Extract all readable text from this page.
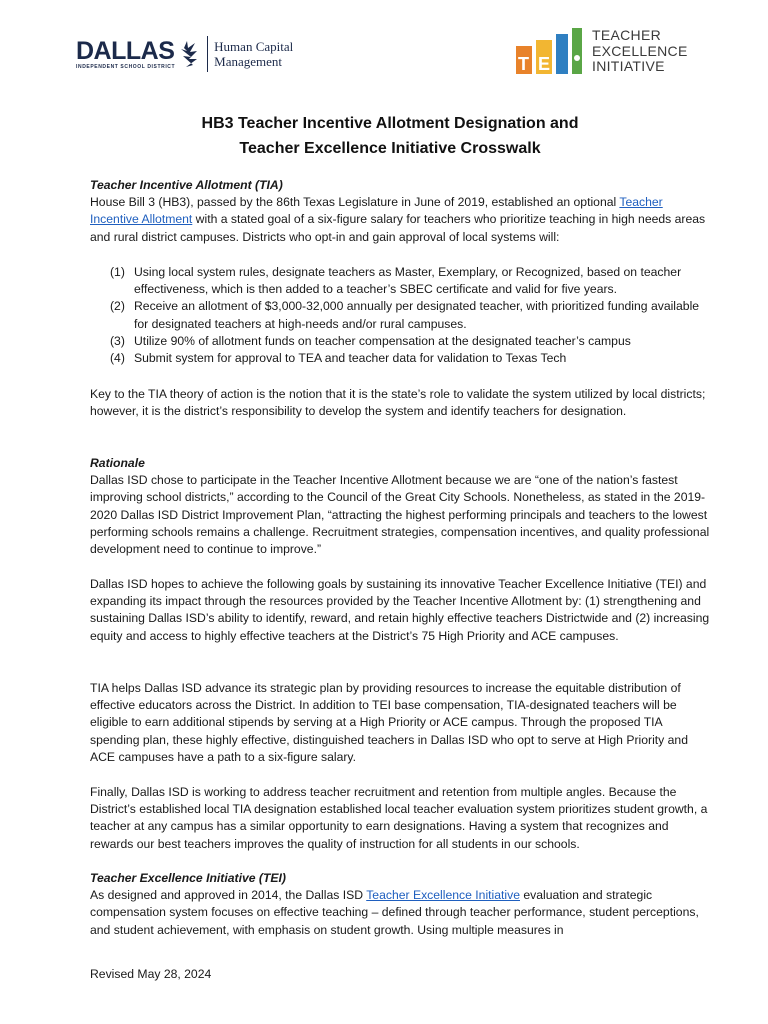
DALLAS
INDEPENDENT SCHOOL DISTRICT
Human Capital
Management	T E
TEACHER
EXCELLENCE
INITIATIVE
HB3 Teacher Incentive Allotment Designation and
Teacher Excellence Initiative Crosswalk

Teacher Incentive Allotment (TIA)

House Bill 3 (HB3), passed by the 86th Texas Legislature in June of 2019, established an optional Teacher Incentive Allotment with a stated goal of a six-figure salary for teachers who prioritize teaching in high needs areas and rural district campuses. Districts who opt-in and gain approval of local systems will:

(1) Using local system rules, designate teachers as Master, Exemplary, or Recognized, based on teacher effectiveness, which is then added to a teacher’s SBEC certificate and valid for five years.
(2) Receive an allotment of $3,000-32,000 annually per designated teacher, with prioritized funding available for designated teachers at high-needs and/or rural campuses.
(3) Utilize 90% of allotment funds on teacher compensation at the designated teacher’s campus
(4) Submit system for approval to TEA and teacher data for validation to Texas Tech

Key to the TIA theory of action is the notion that it is the state’s role to validate the system utilized by local districts; however, it is the district’s responsibility to develop the system and identify teachers for designation.

Rationale

Dallas ISD chose to participate in the Teacher Incentive Allotment because we are “one of the nation’s fastest improving school districts,” according to the Council of the Great City Schools. Nonetheless, as stated in the 2019-2020 Dallas ISD District Improvement Plan, “attracting the highest performing principals and teachers to the lowest performing schools remains a challenge. Recruitment strategies, compensation incentives, and quality professional development need to continue to improve.”

Dallas ISD hopes to achieve the following goals by sustaining its innovative Teacher Excellence Initiative (TEI) and expanding its impact through the resources provided by the Teacher Incentive Allotment by: (1) strengthening and sustaining Dallas ISD’s ability to identify, reward, and retain highly effective teachers Districtwide and (2) increasing equity and access to highly effective teachers at the District’s 75 High Priority and ACE campuses.

TIA helps Dallas ISD advance its strategic plan by providing resources to increase the equitable distribution of effective educators across the District. In addition to TEI base compensation, TIA-designated teachers will be eligible to earn additional stipends by serving at a High Priority or ACE campus. Through the proposed TIA spending plan, these highly effective, distinguished teachers in Dallas ISD who opt to serve at High Priority and ACE campuses have a path to a six-figure salary.

Finally, Dallas ISD is working to address teacher recruitment and retention from multiple angles. Because the District’s established local TIA designation established local teacher evaluation system prioritizes student growth, a teacher at any campus has a similar opportunity to earn designations. Having a system that recognizes and rewards our best teachers improves the quality of instruction for all students in our schools.

Teacher Excellence Initiative (TEI)

As designed and approved in 2014, the Dallas ISD Teacher Excellence Initiative evaluation and strategic compensation system focuses on effective teaching – defined through teacher performance, student perceptions, and student achievement, with emphasis on student growth. Using multiple measures in

Revised May 28, 2024
